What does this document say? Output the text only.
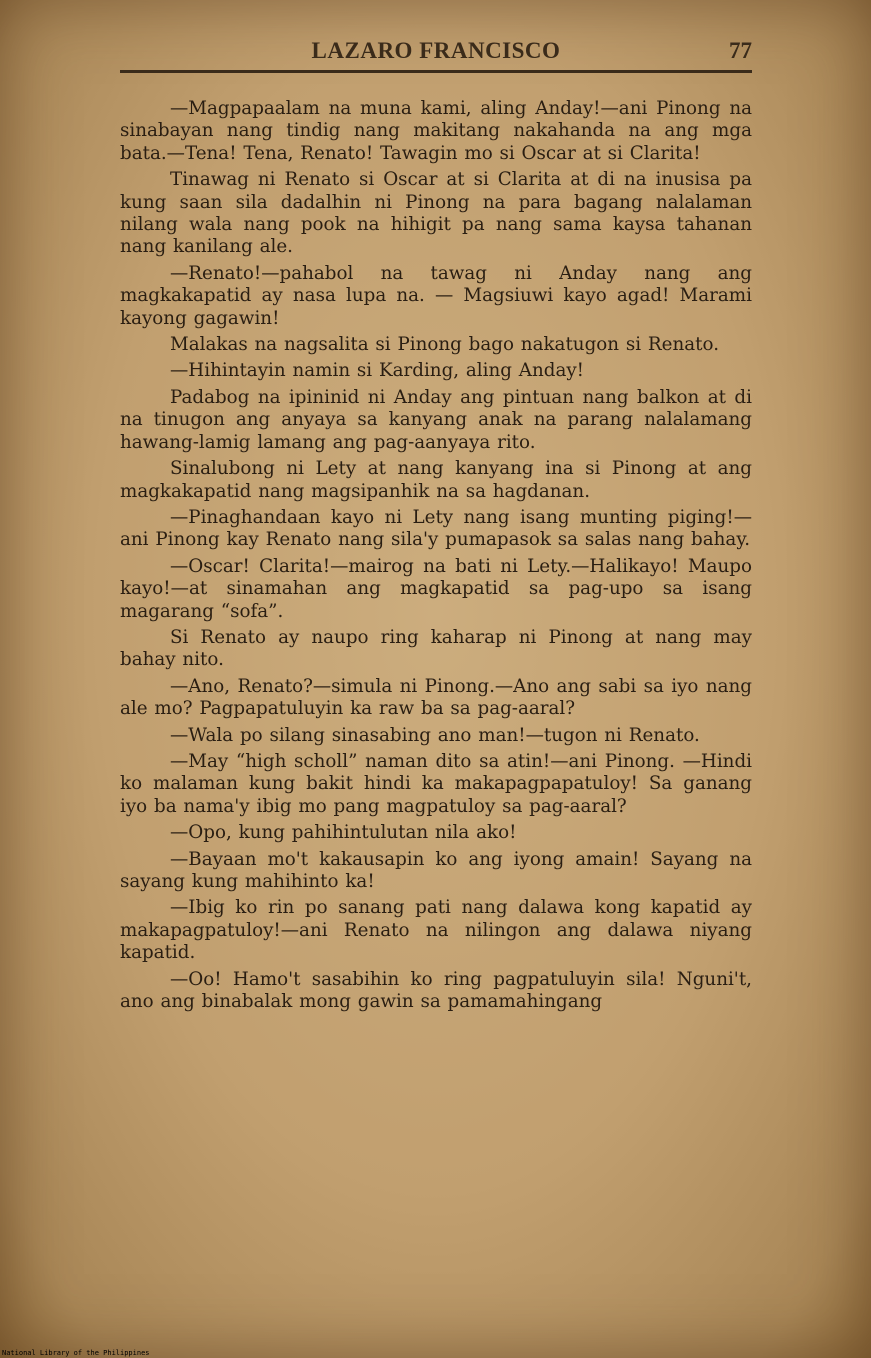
LAZARO FRANCISCO	77

—Magpapaalam na muna kami, aling Anday!—ani Pinong na sinabayan nang tindig nang makitang nakahanda na ang mga bata.—Tena! Tena, Renato! Tawagin mo si Oscar at si Clarita!

Tinawag ni Renato si Oscar at si Clarita at di na inusisa pa kung saan sila dadalhin ni Pinong na para bagang nalalaman nilang wala nang pook na hihigit pa nang sama kaysa tahanan nang kanilang ale.

—Renato!—pahabol na tawag ni Anday nang ang magkakapatid ay nasa lupa na. — Magsiuwi kayo agad! Marami kayong gagawin!

Malakas na nagsalita si Pinong bago nakatugon si Renato.

—Hihintayin namin si Karding, aling Anday!

Padabog na ipininid ni Anday ang pintuan nang balkon at di na tinugon ang anyaya sa kanyang anak na parang nalalamang hawang-lamig lamang ang pag-aanyaya rito.

Sinalubong ni Lety at nang kanyang ina si Pinong at ang magkakapatid nang magsipanhik na sa hagdanan.

—Pinaghandaan kayo ni Lety nang isang munting piging!—ani Pinong kay Renato nang sila'y pumapasok sa salas nang bahay.

—Oscar! Clarita!—mairog na bati ni Lety.—Halikayo! Maupo kayo!—at sinamahan ang magkapatid sa pag-upo sa isang magarang “sofa”.

Si Renato ay naupo ring kaharap ni Pinong at nang may bahay nito.

—Ano, Renato?—simula ni Pinong.—Ano ang sabi sa iyo nang ale mo? Pagpapatuluyin ka raw ba sa pag-aaral?

—Wala po silang sinasabing ano man!—tugon ni Renato.

—May “high scholl” naman dito sa atin!—ani Pinong. —Hindi ko malaman kung bakit hindi ka makapagpapatuloy! Sa ganang iyo ba nama'y ibig mo pang magpatuloy sa pag-aaral?

—Opo, kung pahihintulutan nila ako!

—Bayaan mo't kakausapin ko ang iyong amain! Sayang na sayang kung mahihinto ka!

—Ibig ko rin po sanang pati nang dalawa kong kapatid ay makapagpatuloy!—ani Renato na nilingon ang dalawa niyang kapatid.

—Oo! Hamo't sasabihin ko ring pagpatuluyin sila! Nguni't, ano ang binabalak mong gawin sa pamamahingang

National Library of the Philippines
